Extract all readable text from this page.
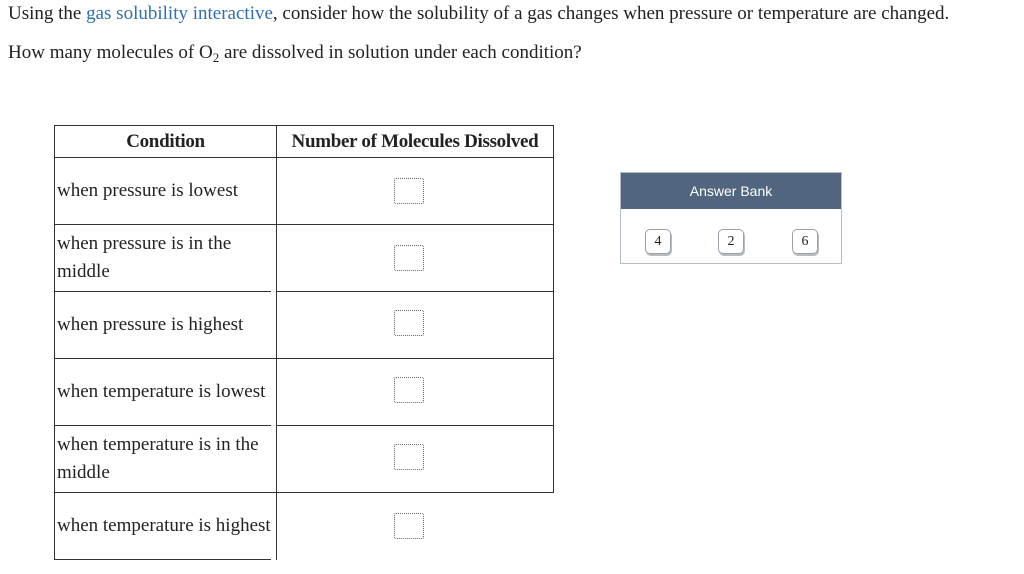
Using the gas solubility interactive, consider how the solubility of a gas changes when pressure or temperature are changed.
How many molecules of $O_2$ are dissolved in solution under each condition?
Condition	Number of Molecules Dissolved
when pressure is lowest
when pressure is in the middle
when pressure is highest
when temperature is lowest
when temperature is in the middle
when temperature is highest
Answer Bank
4	2	6
